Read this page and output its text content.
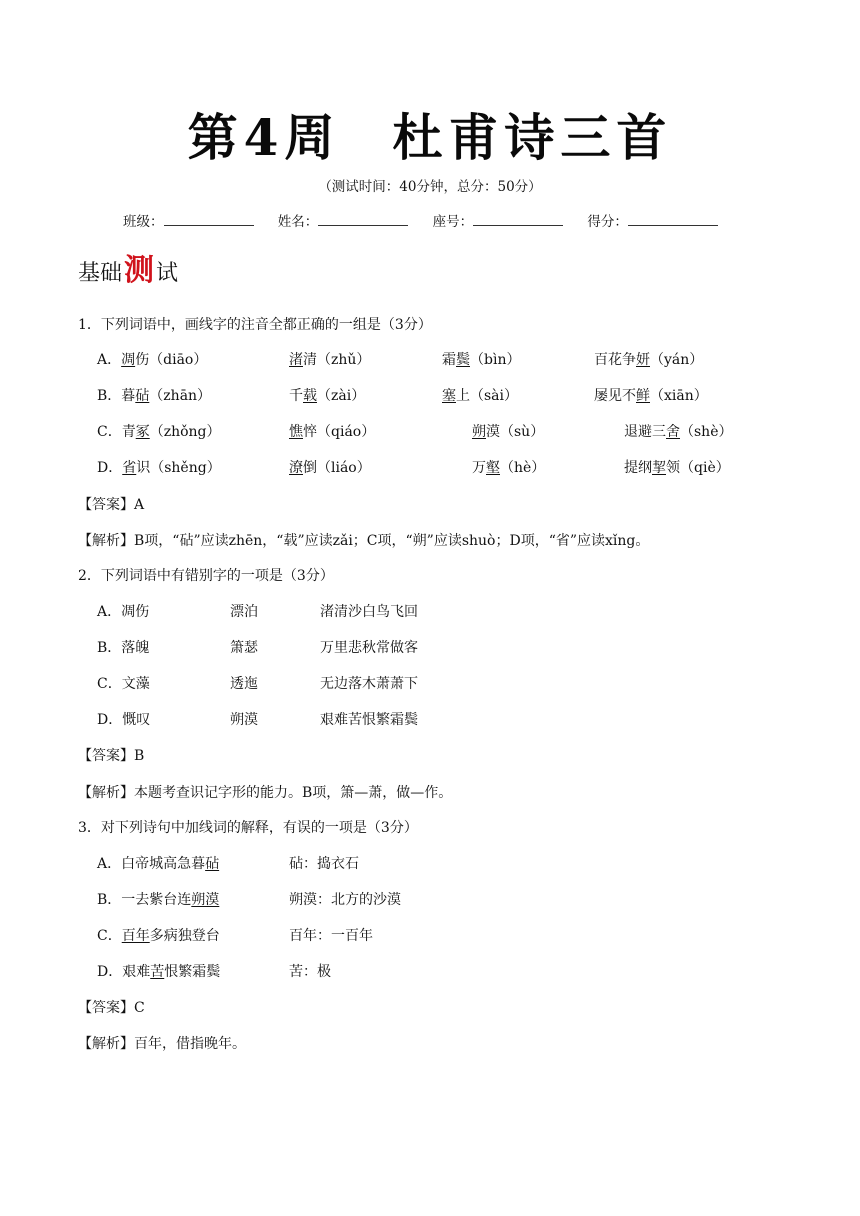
第4周 杜甫诗三首
（测试时间：40分钟，总分：50分）
班级：	姓名：	座号：	得分：
基础测试
1．下列词语中，画线字的注音全都正确的一组是（3分）
A．凋伤（diāo）	渚清（zhǔ）	霜鬓（bìn）	百花争妍（yán）
B．暮砧（zhān）	千载（zài）	塞上（sài）	屡见不鲜（xiān）
C．青冢（zhǒng）	憔悴（qiáo）	朔漠（sù）	退避三舍（shè）
D．省识（shěng）	潦倒（liáo）	万壑（hè）	提纲挈领（qiè）
【答案】A
【解析】B项，“砧”应读zhēn，“载”应读zǎi；C项，“朔”应读shuò；D项，“省”应读xǐng。
2．下列词语中有错别字的一项是（3分）
A．凋伤	漂泊	渚清沙白鸟飞回
B．落魄	箫瑟	万里悲秋常做客
C．文藻	透迤	无边落木萧萧下
D．慨叹	朔漠	艰难苦恨繁霜鬓
【答案】B
【解析】本题考查识记字形的能力。B项，箫—萧，做—作。
3．对下列诗句中加线词的解释，有误的一项是（3分）
A．白帝城高急暮砧	砧：捣衣石
B．一去紫台连朔漠	朔漠：北方的沙漠
C．百年多病独登台	百年：一百年
D．艰难苦恨繁霜鬓	苦：极
【答案】C
【解析】百年，借指晚年。
